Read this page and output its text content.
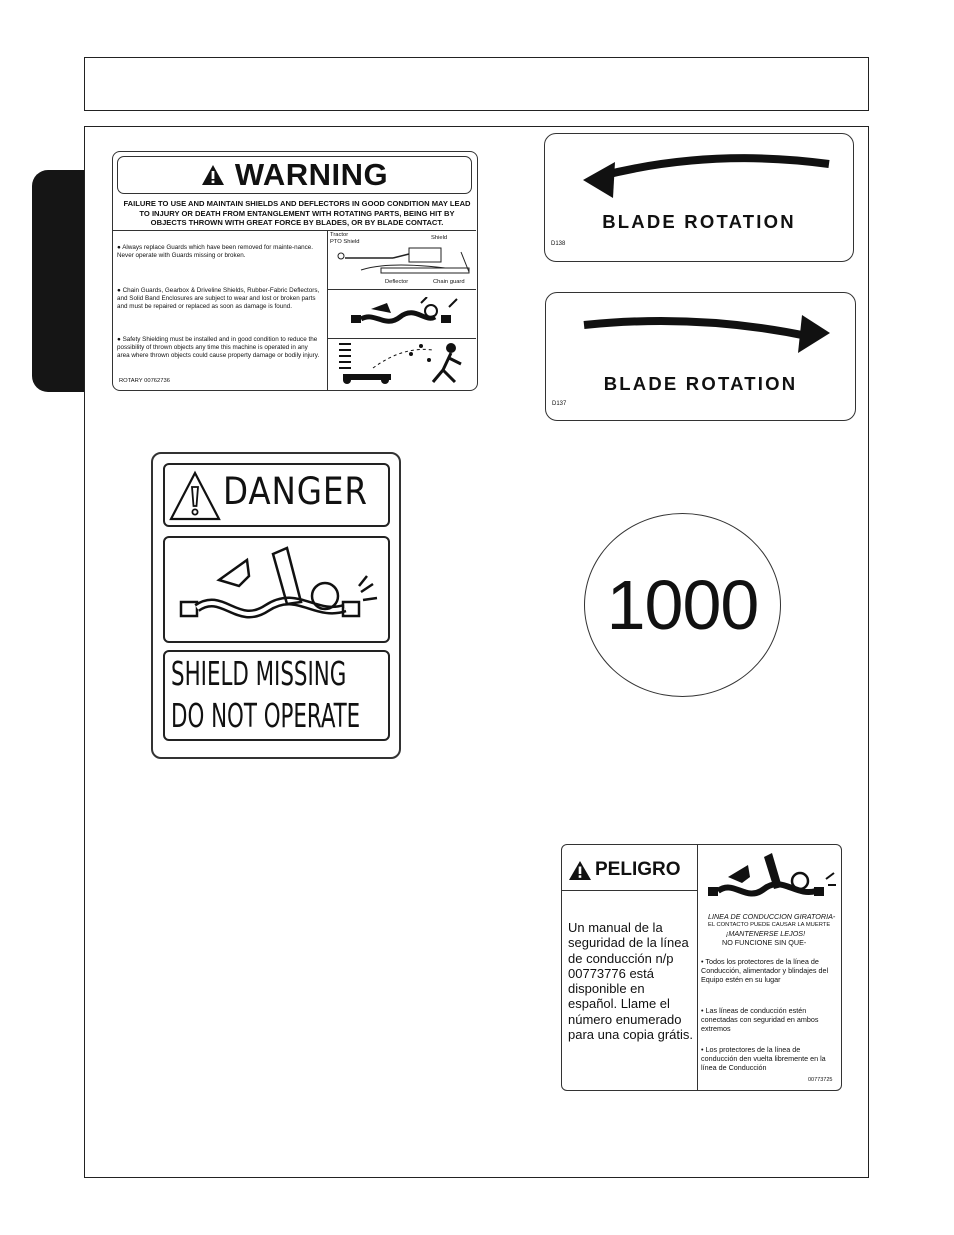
WARNING
FAILURE TO USE AND MAINTAIN SHIELDS AND DEFLECTORS IN GOOD CONDITION MAY LEAD TO INJURY OR DEATH FROM ENTANGLEMENT WITH ROTATING PARTS, BEING HIT BY OBJECTS THROWN WITH GREAT FORCE BY BLADES, OR BY BLADE CONTACT.
● Always replace Guards which have been removed for mainte-nance. Never operate with Guards missing or broken.
● Chain Guards, Gearbox & Driveline Shields, Rubber-Fabric Deflectors, and Solid Band Enclosures are subject to wear and lost or broken parts and must be repaired or replaced as soon as damage is found.
● Safety Shielding must be installed and in good condition to reduce the possibility of thrown objects any time this machine is operated in any area where thrown objects could cause property damage or bodily injury.
ROTARY 00762736
Tractor PTO Shield
Shield
Deflector	Chain guard
BLADE ROTATION
D138
BLADE ROTATION
D137
DANGER
SHIELD MISSING
DO NOT OPERATE
1000
PELIGRO
Un manual de la seguridad de la línea de conducción n/p 00773776 está disponible en español. Llame el número enumerado para una copia grátis.
LINEA DE CONDUCCION GIRATORIA-
EL CONTACTO PUEDE CAUSAR LA MUERTE
¡MANTENERSE LEJOS!
NO FUNCIONE SIN QUE-
• Todos los protectores de la línea de Conducción, alimentador y blindajes del Equipo estén en su lugar
• Las líneas de conducción estén conectadas con seguridad en ambos extremos
• Los protectores de la línea de conducción den vuelta libremente en la línea de Conducción
00773725
